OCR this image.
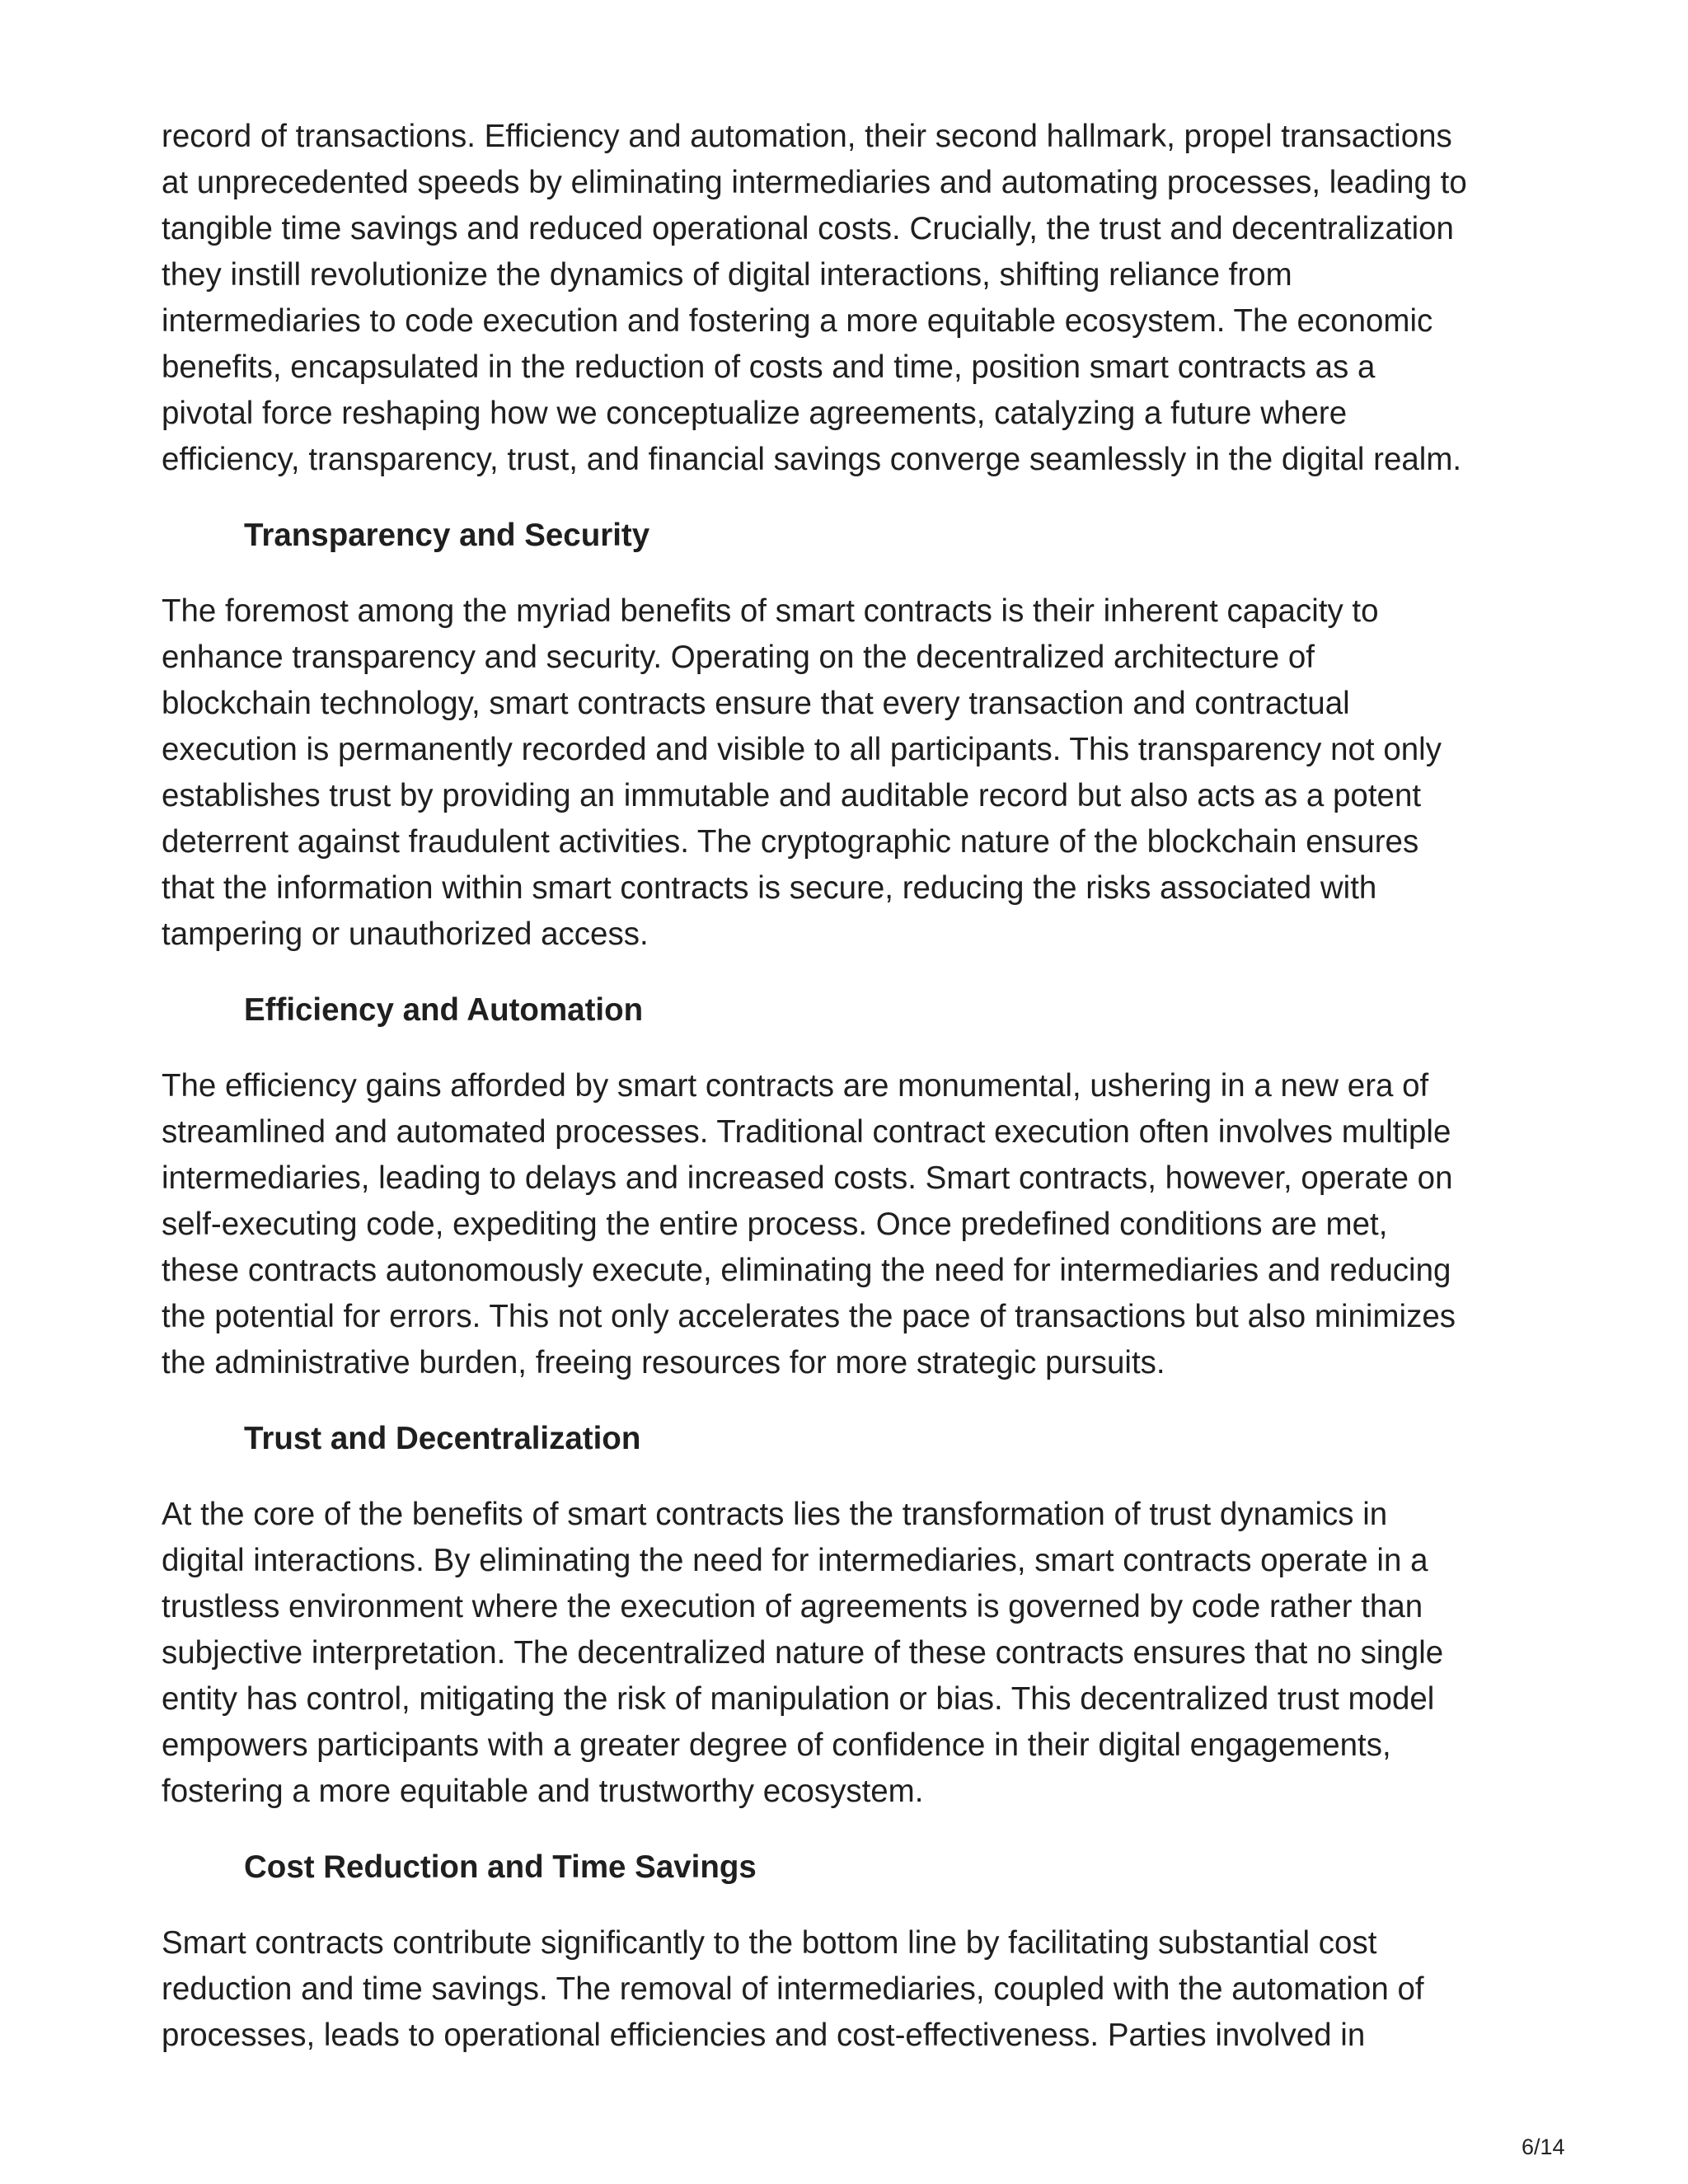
record of transactions. Efficiency and automation, their second hallmark, propel transactions
at unprecedented speeds by eliminating intermediaries and automating processes, leading to
tangible time savings and reduced operational costs. Crucially, the trust and decentralization
they instill revolutionize the dynamics of digital interactions, shifting reliance from
intermediaries to code execution and fostering a more equitable ecosystem. The economic
benefits, encapsulated in the reduction of costs and time, position smart contracts as a
pivotal force reshaping how we conceptualize agreements, catalyzing a future where
efficiency, transparency, trust, and financial savings converge seamlessly in the digital realm.

Transparency and Security

The foremost among the myriad benefits of smart contracts is their inherent capacity to
enhance transparency and security. Operating on the decentralized architecture of
blockchain technology, smart contracts ensure that every transaction and contractual
execution is permanently recorded and visible to all participants. This transparency not only
establishes trust by providing an immutable and auditable record but also acts as a potent
deterrent against fraudulent activities. The cryptographic nature of the blockchain ensures
that the information within smart contracts is secure, reducing the risks associated with
tampering or unauthorized access.

Efficiency and Automation

The efficiency gains afforded by smart contracts are monumental, ushering in a new era of
streamlined and automated processes. Traditional contract execution often involves multiple
intermediaries, leading to delays and increased costs. Smart contracts, however, operate on
self-executing code, expediting the entire process. Once predefined conditions are met,
these contracts autonomously execute, eliminating the need for intermediaries and reducing
the potential for errors. This not only accelerates the pace of transactions but also minimizes
the administrative burden, freeing resources for more strategic pursuits.

Trust and Decentralization

At the core of the benefits of smart contracts lies the transformation of trust dynamics in
digital interactions. By eliminating the need for intermediaries, smart contracts operate in a
trustless environment where the execution of agreements is governed by code rather than
subjective interpretation. The decentralized nature of these contracts ensures that no single
entity has control, mitigating the risk of manipulation or bias. This decentralized trust model
empowers participants with a greater degree of confidence in their digital engagements,
fostering a more equitable and trustworthy ecosystem.

Cost Reduction and Time Savings

Smart contracts contribute significantly to the bottom line by facilitating substantial cost
reduction and time savings. The removal of intermediaries, coupled with the automation of
processes, leads to operational efficiencies and cost-effectiveness. Parties involved in

6/14
